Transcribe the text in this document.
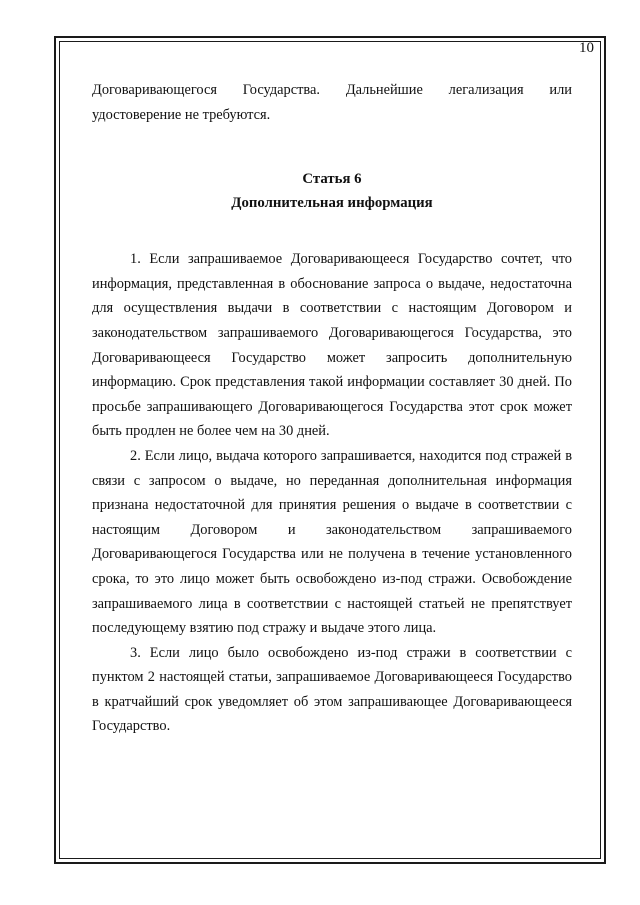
10

Договаривающегося Государства. Дальнейшие легализация или удостоверение не требуются.

Статья 6

Дополнительная информация

1. Если запрашиваемое Договаривающееся Государство сочтет, что информация, представленная в обоснование запроса о выдаче, недостаточна для осуществления выдачи в соответствии с настоящим Договором и законодательством запрашиваемого Договаривающегося Государства, это Договаривающееся Государство может запросить дополнительную информацию. Срок представления такой информации составляет 30 дней. По просьбе запрашивающего Договаривающегося Государства этот срок может быть продлен не более чем на 30 дней.

2. Если лицо, выдача которого запрашивается, находится под стражей в связи с запросом о выдаче, но переданная дополнительная информация признана недостаточной для принятия решения о выдаче в соответствии с настоящим Договором и законодательством запрашиваемого Договаривающегося Государства или не получена в течение установленного срока, то это лицо может быть освобождено из-под стражи. Освобождение запрашиваемого лица в соответствии с настоящей статьей не препятствует последующему взятию под стражу и выдаче этого лица.

3. Если лицо было освобождено из-под стражи в соответствии с пунктом 2 настоящей статьи, запрашиваемое Договаривающееся Государство в кратчайший срок уведомляет об этом запрашивающее Договаривающееся Государство.
